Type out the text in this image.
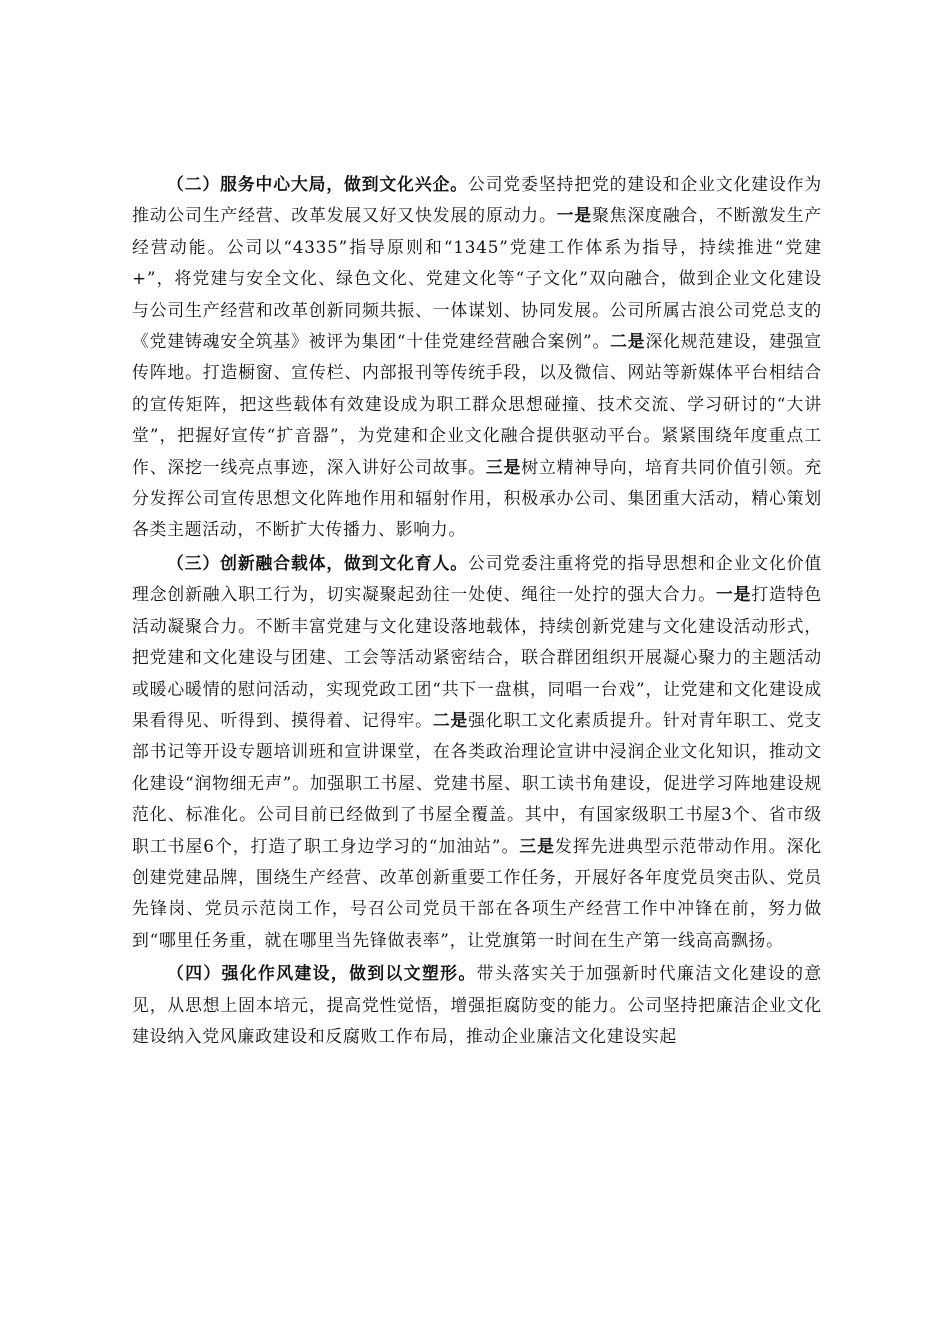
（二）服务中心大局，做到文化兴企。公司党委坚持把党的建设和企业文化建设作为推动公司生产经营、改革发展又好又快发展的原动力。一是聚焦深度融合，不断激发生产经营动能。公司以“4335”指导原则和“1345”党建工作体系为指导，持续推进“党建+”，将党建与安全文化、绿色文化、党建文化等“子文化”双向融合，做到企业文化建设与公司生产经营和改革创新同频共振、一体谋划、协同发展。公司所属古浪公司党总支的《党建铸魂安全筑基》被评为集团“十佳党建经营融合案例”。二是深化规范建设，建强宣传阵地。打造橱窗、宣传栏、内部报刊等传统手段，以及微信、网站等新媒体平台相结合的宣传矩阵，把这些载体有效建设成为职工群众思想碰撞、技术交流、学习研讨的“大讲堂”，把握好宣传“扩音器”，为党建和企业文化融合提供驱动平台。紧紧围绕年度重点工作、深挖一线亮点事迹，深入讲好公司故事。三是树立精神导向，培育共同价值引领。充分发挥公司宣传思想文化阵地作用和辐射作用，积极承办公司、集团重大活动，精心策划各类主题活动，不断扩大传播力、影响力。

（三）创新融合载体，做到文化育人。公司党委注重将党的指导思想和企业文化价值理念创新融入职工行为，切实凝聚起劲往一处使、绳往一处拧的强大合力。一是打造特色活动凝聚合力。不断丰富党建与文化建设落地载体，持续创新党建与文化建设活动形式，把党建和文化建设与团建、工会等活动紧密结合，联合群团组织开展凝心聚力的主题活动或暖心暖情的慰问活动，实现党政工团“共下一盘棋，同唱一台戏”，让党建和文化建设成果看得见、听得到、摸得着、记得牢。二是强化职工文化素质提升。针对青年职工、党支部书记等开设专题培训班和宣讲课堂，在各类政治理论宣讲中浸润企业文化知识，推动文化建设“润物细无声”。加强职工书屋、党建书屋、职工读书角建设，促进学习阵地建设规范化、标准化。公司目前已经做到了书屋全覆盖。其中，有国家级职工书屋3个、省市级职工书屋6个，打造了职工身边学习的“加油站”。三是发挥先进典型示范带动作用。深化创建党建品牌，围绕生产经营、改革创新重要工作任务，开展好各年度党员突击队、党员先锋岗、党员示范岗工作，号召公司党员干部在各项生产经营工作中冲锋在前，努力做到“哪里任务重，就在哪里当先锋做表率”，让党旗第一时间在生产第一线高高飘扬。

（四）强化作风建设，做到以文塑形。带头落实关于加强新时代廉洁文化建设的意见，从思想上固本培元，提高党性觉悟，增强拒腐防变的能力。公司坚持把廉洁企业文化建设纳入党风廉政建设和反腐败工作布局，推动企业廉洁文化建设实起
